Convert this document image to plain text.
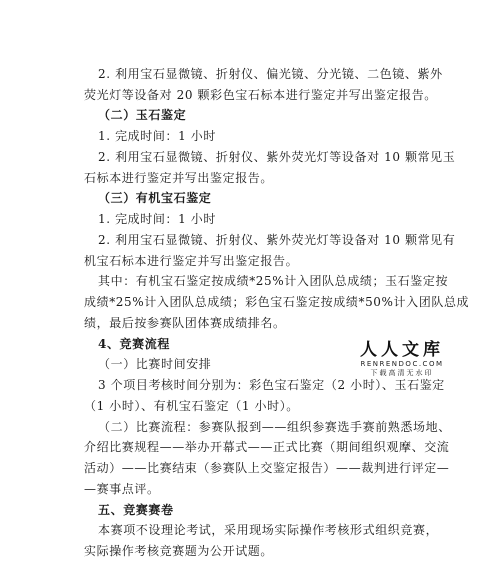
2. 利用宝石显微镜、折射仪、偏光镜、分光镜、二色镜、紫外
荧光灯等设备对 20 颗彩色宝石标本进行鉴定并写出鉴定报告。
（二）玉石鉴定
1. 完成时间：1 小时
2. 利用宝石显微镜、折射仪、紫外荧光灯等设备对 10 颗常见玉
石标本进行鉴定并写出鉴定报告。
（三）有机宝石鉴定
1. 完成时间：1 小时
2. 利用宝石显微镜、折射仪、紫外荧光灯等设备对 10 颗常见有
机宝石标本进行鉴定并写出鉴定报告。
其中：有机宝石鉴定按成绩*25%计入团队总成绩；玉石鉴定按
成绩*25%计入团队总成绩；彩色宝石鉴定按成绩*50%计入团队总成
绩，最后按参赛队团体赛成绩排名。
4、竞赛流程
（一）比赛时间安排
3 个项目考核时间分别为：彩色宝石鉴定（2 小时）、玉石鉴定
（1 小时）、有机宝石鉴定（1 小时）。
（二）比赛流程：参赛队报到——组织参赛选手赛前熟悉场地、
介绍比赛规程——举办开幕式——正式比赛（期间组织观摩、交流
活动）——比赛结束（参赛队上交鉴定报告）——裁判进行评定—
—赛事点评。
五、竞赛赛卷
本赛项不设理论考试，采用现场实际操作考核形式组织竞赛，
实际操作考核竞赛题为公开试题。
人人文库
RENRENDOC.COM
下载高清无水印
